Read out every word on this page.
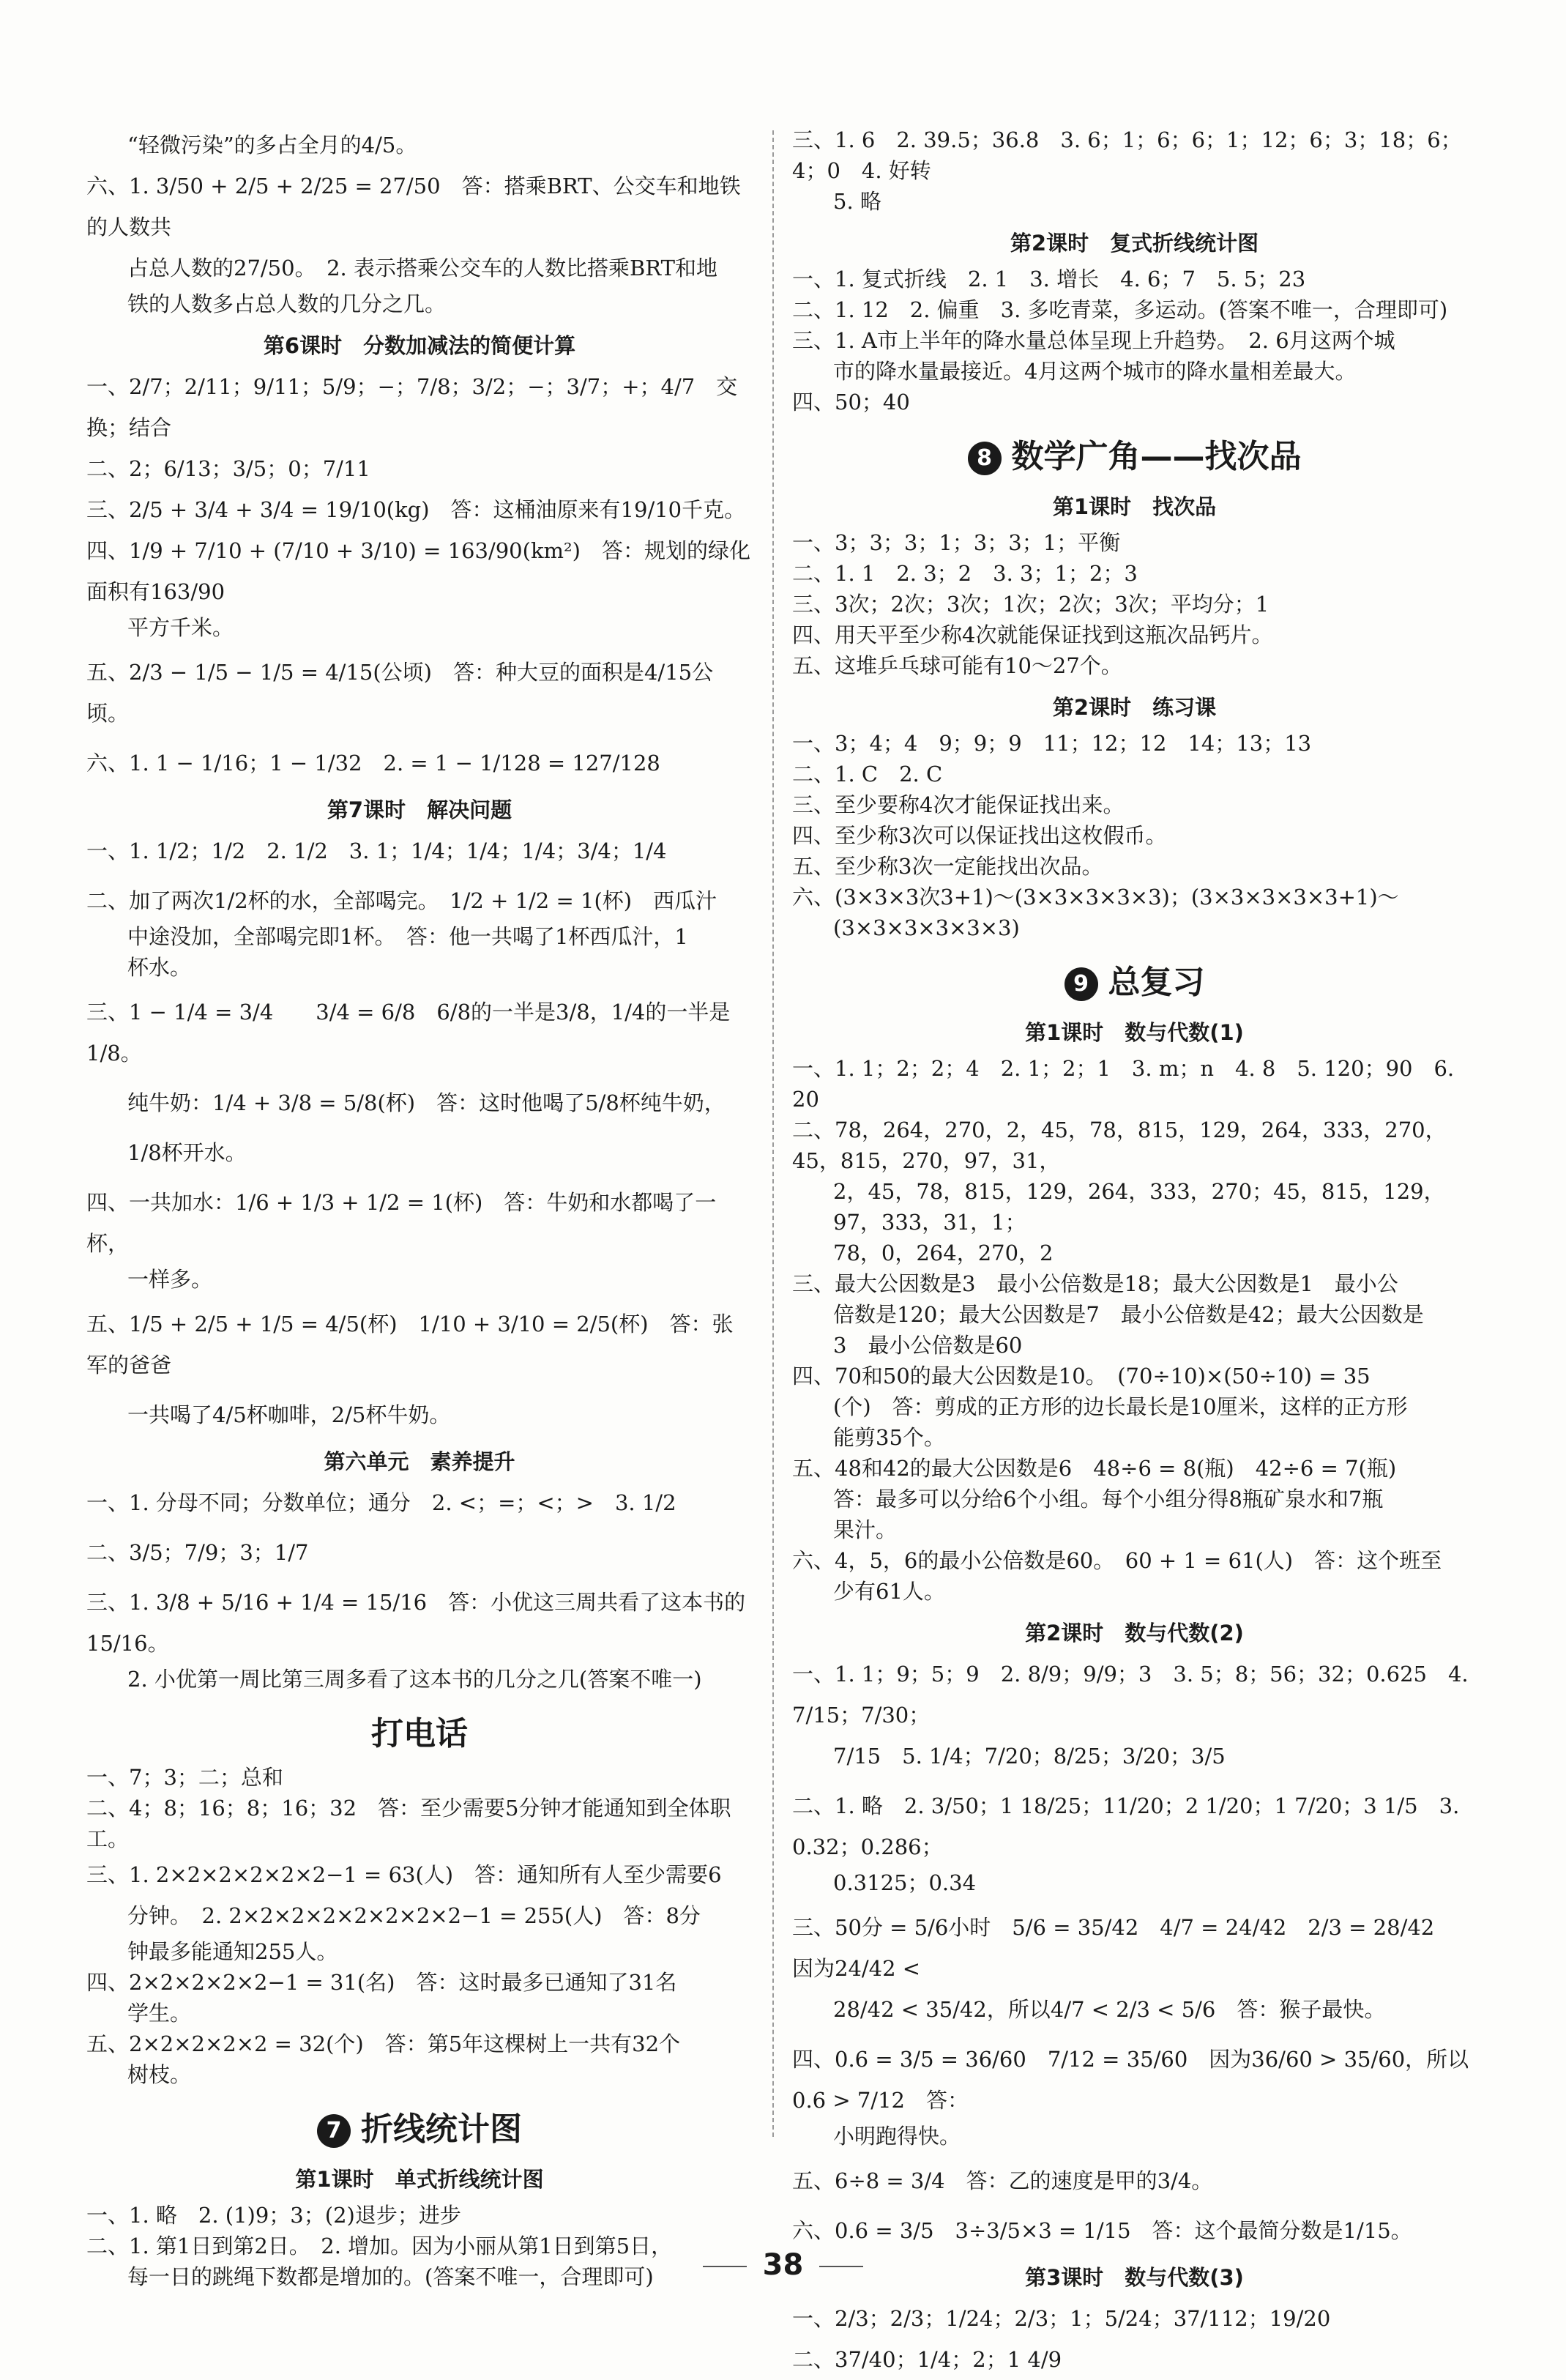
“轻微污染”的多占全月的4/5。
六、1. 3/50 + 2/5 + 2/25 = 27/50　答：搭乘BRT、公交车和地铁的人数共
占总人数的27/50。　2. 表示搭乘公交车的人数比搭乘BRT和地
铁的人数多占总人数的几分之几。
第6课时　分数加减法的简便计算
一、2/7；2/11；9/11；5/9；−；7/8；3/2；−；3/7；+；4/7　交换；结合
二、2；6/13；3/5；0；7/11
三、2/5 + 3/4 + 3/4 = 19/10(kg)　答：这桶油原来有19/10千克。
四、1/9 + 7/10 + (7/10 + 3/10) = 163/90(km²)　答：规划的绿化面积有163/90
平方千米。
五、2/3 − 1/5 − 1/5 = 4/15(公顷)　答：种大豆的面积是4/15公顷。
六、1. 1 − 1/16；1 − 1/32　2. = 1 − 1/128 = 127/128
第7课时　解决问题
一、1. 1/2；1/2　2. 1/2　3. 1；1/4；1/4；1/4；3/4；1/4
二、加了两次1/2杯的水，全部喝完。　1/2 + 1/2 = 1(杯)　西瓜汁
中途没加，全部喝完即1杯。　答：他一共喝了1杯西瓜汁，1
杯水。
三、1 − 1/4 = 3/4　　3/4 = 6/8　6/8的一半是3/8，1/4的一半是1/8。
纯牛奶：1/4 + 3/8 = 5/8(杯)　答：这时他喝了5/8杯纯牛奶，
1/8杯开水。
四、一共加水：1/6 + 1/3 + 1/2 = 1(杯)　答：牛奶和水都喝了一杯，
一样多。
五、1/5 + 2/5 + 1/5 = 4/5(杯)　1/10 + 3/10 = 2/5(杯)　答：张军的爸爸
一共喝了4/5杯咖啡，2/5杯牛奶。
第六单元　素养提升
一、1. 分母不同；分数单位；通分　2. <；=；<；>　3. 1/2
二、3/5；7/9；3；1/7
三、1. 3/8 + 5/16 + 1/4 = 15/16　答：小优这三周共看了这本书的15/16。
2. 小优第一周比第三周多看了这本书的几分之几(答案不唯一)
打电话
一、7；3；二；总和
二、4；8；16；8；16；32　答：至少需要5分钟才能通知到全体职工。
三、1. 2×2×2×2×2×2−1 = 63(人)　答：通知所有人至少需要6
分钟。　2. 2×2×2×2×2×2×2×2−1 = 255(人)　答：8分
钟最多能通知255人。
四、2×2×2×2×2−1 = 31(名)　答：这时最多已通知了31名
学生。
五、2×2×2×2×2 = 32(个)　答：第5年这棵树上一共有32个
树枝。
7 折线统计图
第1课时　单式折线统计图
一、1. 略　2. (1)9；3；(2)退步；进步
二、1. 第1日到第2日。　2. 增加。因为小丽从第1日到第5日，
每一日的跳绳下数都是增加的。(答案不唯一，合理即可)
三、1. 6　2. 39.5；36.8　3. 6；1；6；6；1；12；6；3；18；6；4；0　4. 好转
5. 略
第2课时　复式折线统计图
一、1. 复式折线　2. 1　3. 增长　4. 6；7　5. 5；23
二、1. 12　2. 偏重　3. 多吃青菜，多运动。(答案不唯一，合理即可)
三、1. A市上半年的降水量总体呈现上升趋势。　2. 6月这两个城
市的降水量最接近。4月这两个城市的降水量相差最大。
四、50；40
8 数学广角——找次品
第1课时　找次品
一、3；3；3；1；3；3；1；平衡
二、1. 1　2. 3；2　3. 3；1；2；3
三、3次；2次；3次；1次；2次；3次；平均分；1
四、用天平至少称4次就能保证找到这瓶次品钙片。
五、这堆乒乓球可能有10～27个。
第2课时　练习课
一、3；4；4　9；9；9　11；12；12　14；13；13
二、1. C　2. C
三、至少要称4次才能保证找出来。
四、至少称3次可以保证找出这枚假币。
五、至少称3次一定能找出次品。
六、(3×3×3次3+1)～(3×3×3×3×3)；(3×3×3×3×3+1)～
(3×3×3×3×3×3)
9 总复习
第1课时　数与代数(1)
一、1. 1；2；2；4　2. 1；2；1　3. m；n　4. 8　5. 120；90　6. 20
二、78，264，270，2，45，78，815，129，264，333，270，45，815，270，97，31，
2，45，78，815，129，264，333，270；45，815，129，97，333，31，1；
78，0，264，270，2
三、最大公因数是3　最小公倍数是18；最大公因数是1　最小公
倍数是120；最大公因数是7　最小公倍数是42；最大公因数是
3　最小公倍数是60
四、70和50的最大公因数是10。　(70÷10)×(50÷10) = 35
(个)　答：剪成的正方形的边长最长是10厘米，这样的正方形
能剪35个。
五、48和42的最大公因数是6　48÷6 = 8(瓶)　42÷6 = 7(瓶)
答：最多可以分给6个小组。每个小组分得8瓶矿泉水和7瓶
果汁。
六、4，5，6的最小公倍数是60。　60 + 1 = 61(人)　答：这个班至
少有61人。
第2课时　数与代数(2)
一、1. 1；9；5；9　2. 8/9；9/9；3　3. 5；8；56；32；0.625　4. 7/15；7/30；
7/15　5. 1/4；7/20；8/25；3/20；3/5
二、1. 略　2. 3/50；1 18/25；11/20；2 1/20；1 7/20；3 1/5　3. 0.32；0.286；
0.3125；0.34
三、50分 = 5/6小时　5/6 = 35/42　4/7 = 24/42　2/3 = 28/42　因为24/42 <
28/42 < 35/42，所以4/7 < 2/3 < 5/6　答：猴子最快。
四、0.6 = 3/5 = 36/60　7/12 = 35/60　因为36/60 > 35/60，所以0.6 > 7/12　答：
小明跑得快。
五、6÷8 = 3/4　答：乙的速度是甲的3/4。
六、0.6 = 3/5　3÷3/5×3 = 1/15　答：这个最简分数是1/15。
第3课时　数与代数(3)
一、2/3；2/3；1/24；2/3；1；5/24；37/112；19/20
二、37/40；1/4；2；1 4/9
38
